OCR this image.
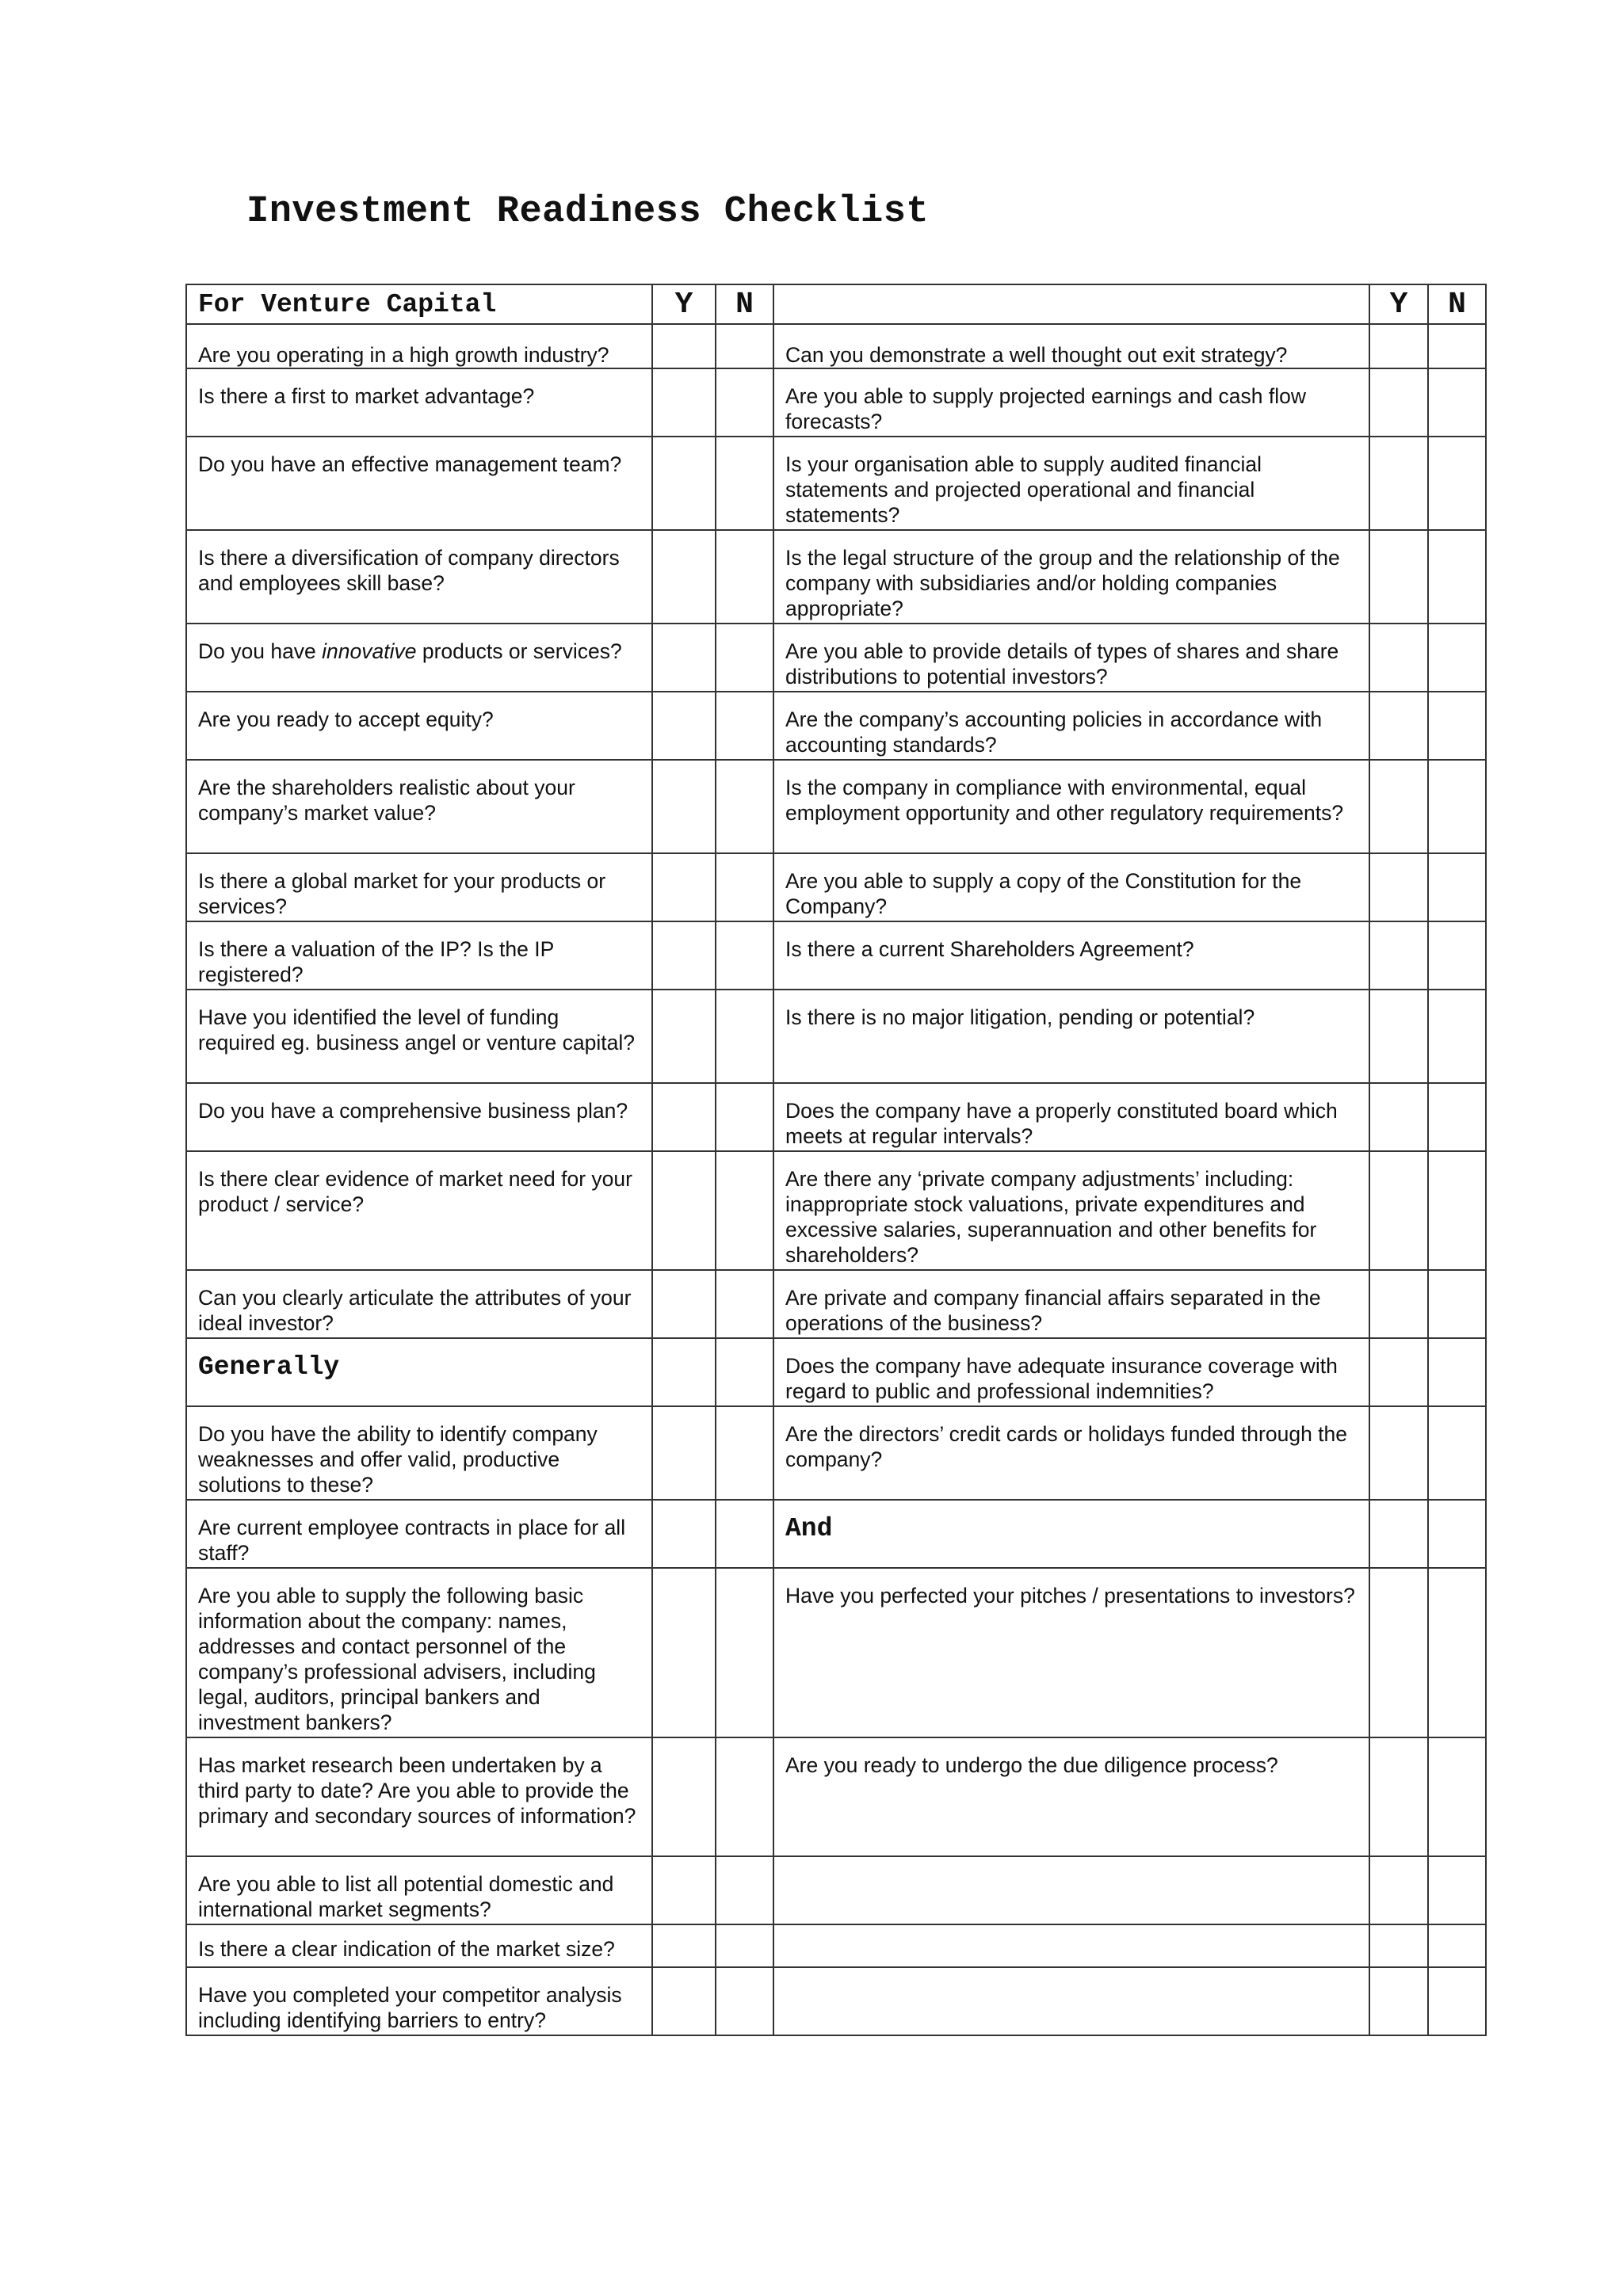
Investment Readiness Checklist
For Venture Capital	Y	N		Y	N
Are you operating in a high growth industry?			Can you demonstrate a well thought out exit strategy?		
Is there a first to market advantage?			Are you able to supply projected earnings and cash flow forecasts?		
Do you have an effective management team?			Is your organisation able to supply audited financial statements and projected operational and financial statements?		
Is there a diversification of company directors and employees skill base?			Is the legal structure of the group and the relationship of the company with subsidiaries and/or holding companies appropriate?		
Do you have innovative products or services?			Are you able to provide details of types of shares and share distributions to potential investors?		
Are you ready to accept equity?			Are the company’s accounting policies in accordance with accounting standards?		
Are the shareholders realistic about your company’s market value?			Is the company in compliance with environmental, equal employment opportunity and other regulatory requirements?		
Is there a global market for your products or services?			Are you able to supply a copy of the Constitution for the Company?		
Is there a valuation of the IP? Is the IP registered?			Is there a current Shareholders Agreement?		
Have you identified the level of funding required eg. business angel or venture capital?			Is there is no major litigation, pending or potential?		
Do you have a comprehensive business plan?			Does the company have a properly constituted board which meets at regular intervals?		
Is there clear evidence of market need for your product / service?			Are there any ‘private company adjustments’ including: inappropriate stock valuations, private expenditures and excessive salaries, superannuation and other benefits for shareholders?		
Can you clearly articulate the attributes of your ideal investor?			Are private and company financial affairs separated in the operations of the business?		
Generally			Does the company have adequate insurance coverage with regard to public and professional indemnities?		
Do you have the ability to identify company weaknesses and offer valid, productive solutions to these?			Are the directors’ credit cards or holidays funded through the company?		
Are current employee contracts in place for all staff?			And		
Are you able to supply the following basic information about the company: names, addresses and contact personnel of the company’s professional advisers, including legal, auditors, principal bankers and investment bankers?			Have you perfected your pitches / presentations to investors?		
Has market research been undertaken by a third party to date? Are you able to provide the primary and secondary sources of information?			Are you ready to undergo the due diligence process?		
Are you able to list all potential domestic and international market segments?					
Is there a clear indication of the market size?					
Have you completed your competitor analysis including identifying barriers to entry?					
